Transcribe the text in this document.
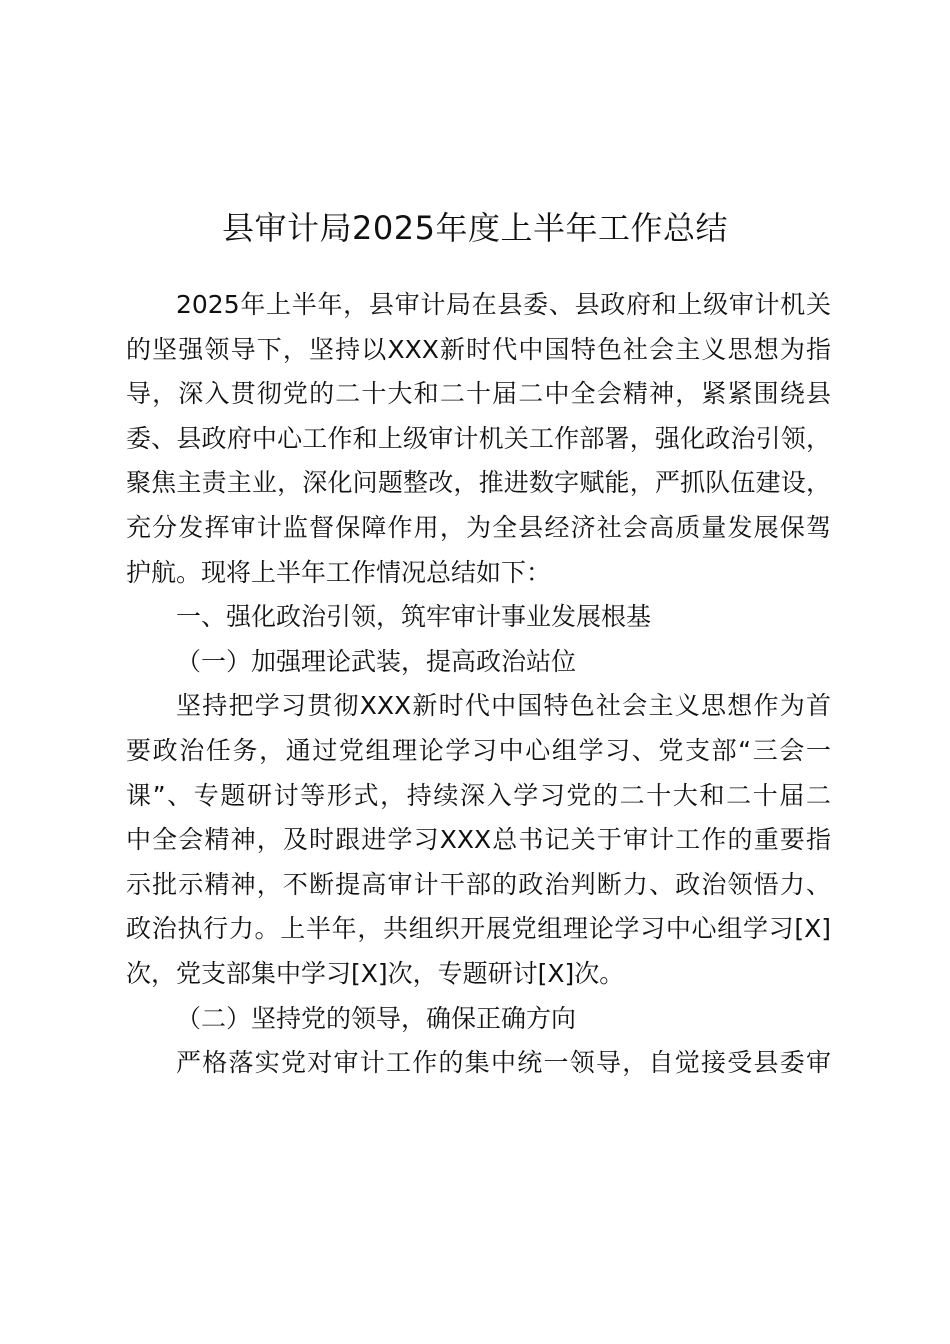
县审计局2025年度上半年工作总结
2025年上半年，县审计局在县委、县政府和上级审计机关
的坚强领导下，坚持以XXX新时代中国特色社会主义思想为指
导，深入贯彻党的二十大和二十届二中全会精神，紧紧围绕县
委、县政府中心工作和上级审计机关工作部署，强化政治引领，
聚焦主责主业，深化问题整改，推进数字赋能，严抓队伍建设，
充分发挥审计监督保障作用，为全县经济社会高质量发展保驾
护航。现将上半年工作情况总结如下：
一、强化政治引领，筑牢审计事业发展根基
（一）加强理论武装，提高政治站位
坚持把学习贯彻XXX新时代中国特色社会主义思想作为首
要政治任务，通过党组理论学习中心组学习、党支部“三会一
课”、专题研讨等形式，持续深入学习党的二十大和二十届二
中全会精神，及时跟进学习XXX总书记关于审计工作的重要指
示批示精神，不断提高审计干部的政治判断力、政治领悟力、
政治执行力。上半年，共组织开展党组理论学习中心组学习[X]
次，党支部集中学习[X]次，专题研讨[X]次。
（二）坚持党的领导，确保正确方向
严格落实党对审计工作的集中统一领导，自觉接受县委审
